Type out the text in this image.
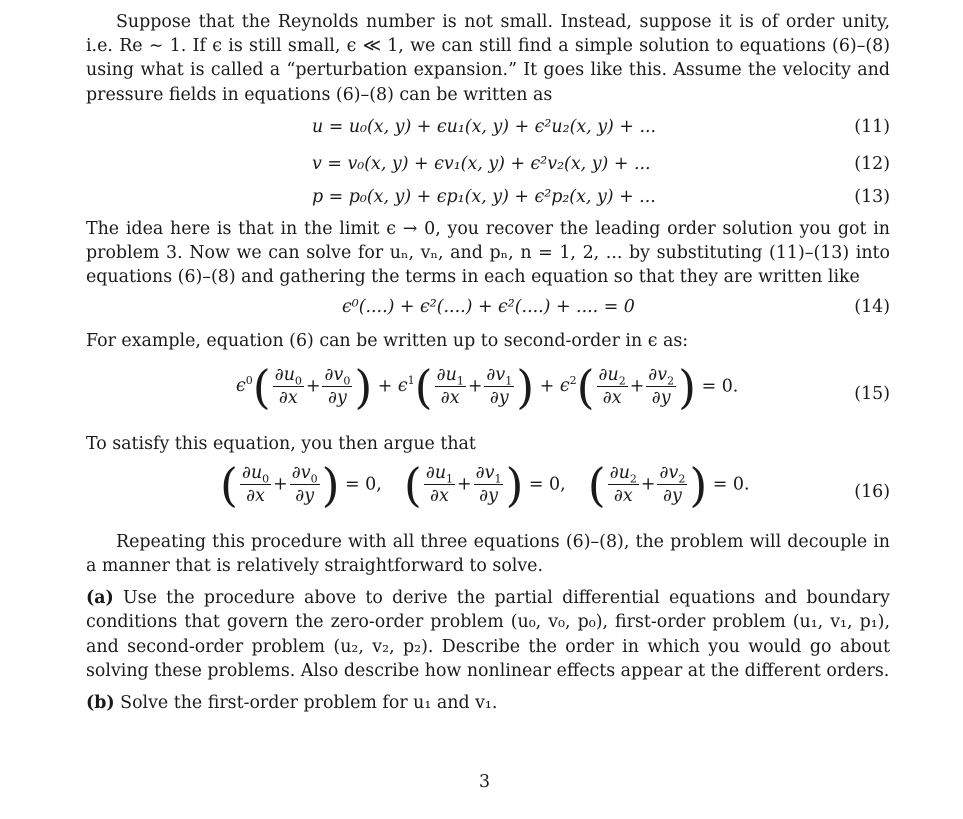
Suppose that the Reynolds number is not small. Instead, suppose it is of order unity, i.e. Re ∼ 1. If ϵ is still small, ϵ ≪ 1, we can still find a simple solution to equations (6)–(8) using what is called a “perturbation expansion.” It goes like this. Assume the velocity and pressure fields in equations (6)–(8) can be written as

u = u₀(x, y) + ϵu₁(x, y) + ϵ²u₂(x, y) + ...	(11)
v = v₀(x, y) + ϵv₁(x, y) + ϵ²v₂(x, y) + ...	(12)
p = p₀(x, y) + ϵp₁(x, y) + ϵ²p₂(x, y) + ...	(13)

The idea here is that in the limit ϵ → 0, you recover the leading order solution you got in problem 3. Now we can solve for uₙ, vₙ, and pₙ, n = 1, 2, ... by substituting (11)–(13) into equations (6)–(8) and gathering the terms in each equation so that they are written like

ϵ⁰(....) + ϵ²(....) + ϵ²(....) + .... = 0	(14)

For example, equation (6) can be written up to second-order in ϵ as:

$\epsilon^0( \frac{\partial u_0}{\partial x} + \frac{\partial v_0}{\partial y}$ ) + $\epsilon^1( \frac{\partial u_1}{\partial x} + \frac{\partial v_1}{\partial y}$ ) + $\epsilon^2( \frac{\partial u_2}{\partial x} + \frac{\partial v_2}{\partial y}$ ) = 0.	(15)

To satisfy this equation, you then argue that

( $\frac{\partial u_0}{\partial x} + \frac{\partial v_0}{\partial y}$ ) = 0, ( $\frac{\partial u_1}{\partial x} + \frac{\partial v_1}{\partial y}$ ) = 0, ( $\frac{\partial u_2}{\partial x} + \frac{\partial v_2}{\partial y}$ ) = 0.	(16)

Repeating this procedure with all three equations (6)–(8), the problem will decouple in a manner that is relatively straightforward to solve.

(a) Use the procedure above to derive the partial differential equations and boundary conditions that govern the zero-order problem (u₀, v₀, p₀), first-order problem (u₁, v₁, p₁), and second-order problem (u₂, v₂, p₂). Describe the order in which you would go about solving these problems. Also describe how nonlinear effects appear at the different orders.

(b) Solve the first-order problem for u₁ and v₁.

3
